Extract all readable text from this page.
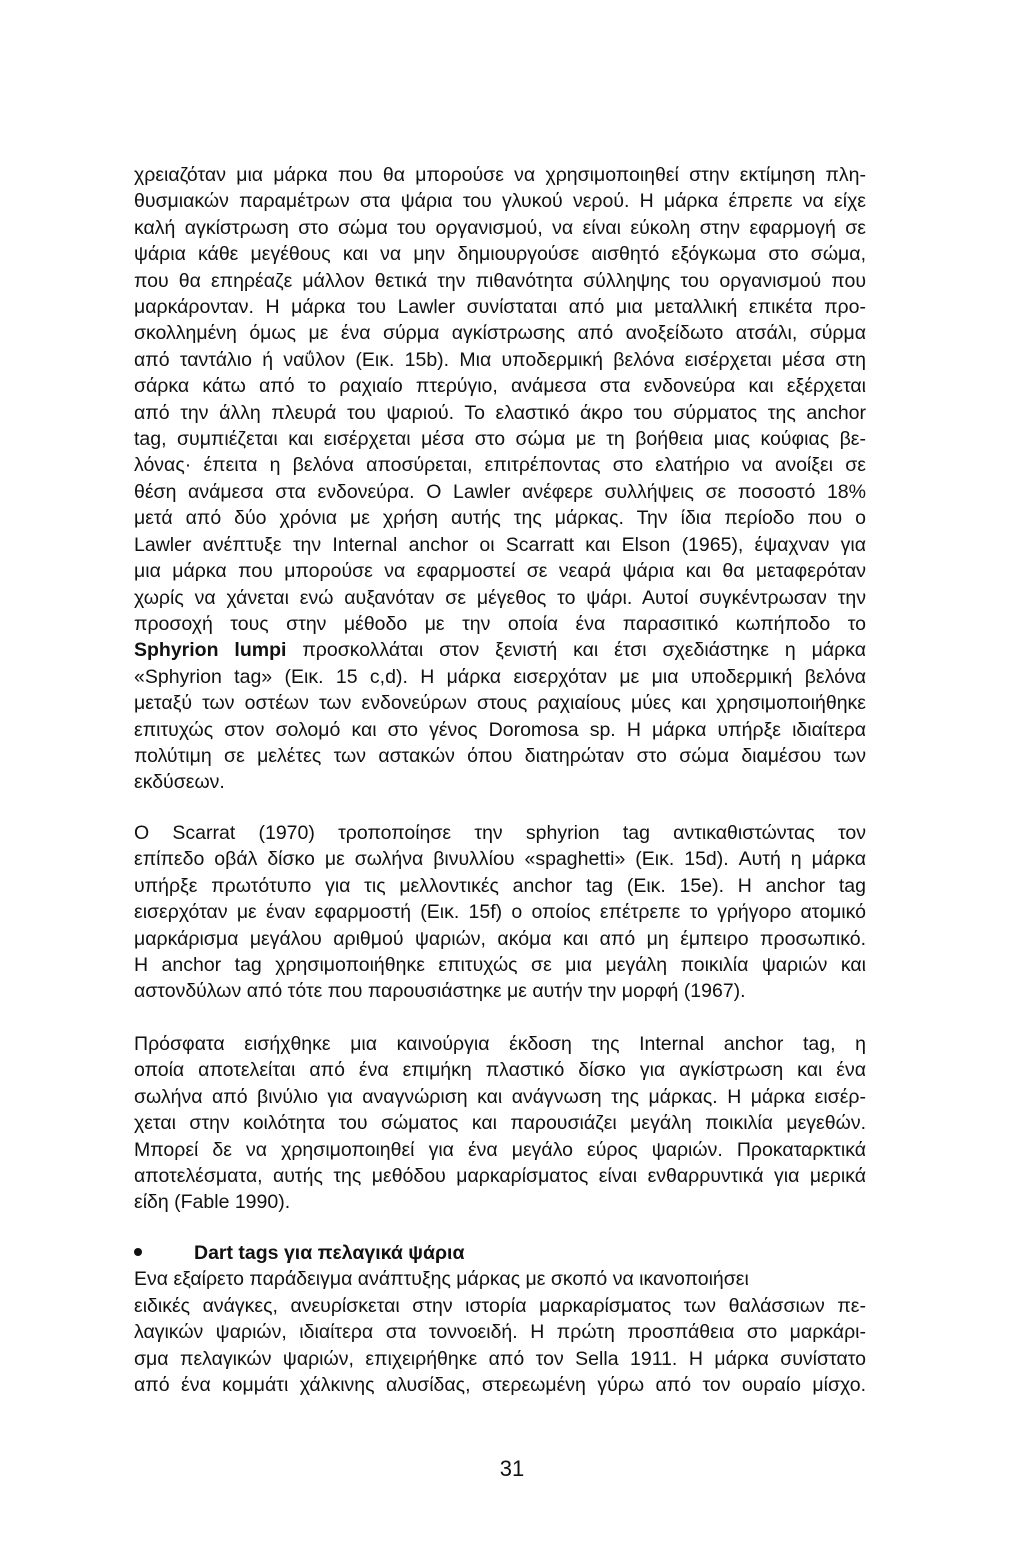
χρειαζόταν μια μάρκα που θα μπορούσε να χρησιμοποιηθεί στην εκτίμηση πλη-
θυσμιακών παραμέτρων στα ψάρια του γλυκού νερού. Η μάρκα έπρεπε να είχε
καλή αγκίστρωση στο σώμα του οργανισμού, να είναι εύκολη στην εφαρμογή σε
ψάρια κάθε μεγέθους και να μην δημιουργούσε αισθητό εξόγκωμα στο σώμα,
που θα επηρέαζε μάλλον θετικά την πιθανότητα σύλληψης του οργανισμού που
μαρκάρονταν. Η μάρκα του Lawler συνίσταται από μια μεταλλική επικέτα προ-
σκολλημένη όμως με ένα σύρμα αγκίστρωσης από ανοξείδωτο ατσάλι, σύρμα
από ταντάλιο ή ναΰλον (Εικ. 15b). Μια υποδερμική βελόνα εισέρχεται μέσα στη
σάρκα κάτω από το ραχιαίο πτερύγιο, ανάμεσα στα ενδονεύρα και εξέρχεται
από την άλλη πλευρά του ψαριού. Το ελαστικό άκρο του σύρματος της anchor
tag, συμπιέζεται και εισέρχεται μέσα στο σώμα με τη βοήθεια μιας κούφιας βε-
λόνας· έπειτα η βελόνα αποσύρεται, επιτρέποντας στο ελατήριο να ανοίξει σε
θέση ανάμεσα στα ενδονεύρα. Ο Lawler ανέφερε συλλήψεις σε ποσοστό 18%
μετά από δύο χρόνια με χρήση αυτής της μάρκας. Την ίδια περίοδο που ο
Lawler ανέπτυξε την Internal anchor οι Scarratt και Elson (1965), έψαχναν για
μια μάρκα που μπορούσε να εφαρμοστεί σε νεαρά ψάρια και θα μεταφερόταν
χωρίς να χάνεται ενώ αυξανόταν σε μέγεθος το ψάρι. Αυτοί συγκέντρωσαν την
προσοχή τους στην μέθοδο με την οποία ένα παρασιτικό κωπήποδο το
Sphyrion lumpi προσκολλάται στον ξενιστή και έτσι σχεδιάστηκε η μάρκα
«Sphyrion tag» (Εικ. 15 c,d). Η μάρκα εισερχόταν με μια υποδερμική βελόνα
μεταξύ των οστέων των ενδονεύρων στους ραχιαίους μύες και χρησιμοποιήθηκε
επιτυχώς στον σολομό και στο γένος Doromosa sp. Η μάρκα υπήρξε ιδιαίτερα
πολύτιμη σε μελέτες των αστακών όπου διατηρώταν στο σώμα διαμέσου των
εκδύσεων.
Ο Scarrat (1970) τροποποίησε την sphyrion tag αντικαθιστώντας τον
επίπεδο οβάλ δίσκο με σωλήνα βινυλλίου «spaghetti» (Εικ. 15d). Αυτή η μάρκα
υπήρξε πρωτότυπο για τις μελλοντικές anchor tag (Εικ. 15e). Η anchor tag
εισερχόταν με έναν εφαρμοστή (Εικ. 15f) ο οποίος επέτρεπε το γρήγορο ατομικό
μαρκάρισμα μεγάλου αριθμού ψαριών, ακόμα και από μη έμπειρο προσωπικό.
Η anchor tag χρησιμοποιήθηκε επιτυχώς σε μια μεγάλη ποικιλία ψαριών και
αστονδύλων από τότε που παρουσιάστηκε με αυτήν την μορφή (1967).
Πρόσφατα εισήχθηκε μια καινούργια έκδοση της Internal anchor tag, η
οποία αποτελείται από ένα επιμήκη πλαστικό δίσκο για αγκίστρωση και ένα
σωλήνα από βινύλιο για αναγνώριση και ανάγνωση της μάρκας. Η μάρκα εισέρ-
χεται στην κοιλότητα του σώματος και παρουσιάζει μεγάλη ποικιλία μεγεθών.
Μπορεί δε να χρησιμοποιηθεί για ένα μεγάλο εύρος ψαριών. Προκαταρκτικά
αποτελέσματα, αυτής της μεθόδου μαρκαρίσματος είναι ενθαρρυντικά για μερικά
είδη (Fable 1990).
Dart tags για πελαγικά ψάρια
Ενα εξαίρετο παράδειγμα ανάπτυξης μάρκας με σκοπό να ικανοποιήσει
ειδικές ανάγκες, ανευρίσκεται στην ιστορία μαρκαρίσματος των θαλάσσιων πε-
λαγικών ψαριών, ιδιαίτερα στα τοννοειδή. Η πρώτη προσπάθεια στο μαρκάρι-
σμα πελαγικών ψαριών, επιχειρήθηκε από τον Sella 1911. Η μάρκα συνίστατο
από ένα κομμάτι χάλκινης αλυσίδας, στερεωμένη γύρω από τον ουραίο μίσχο.
31
